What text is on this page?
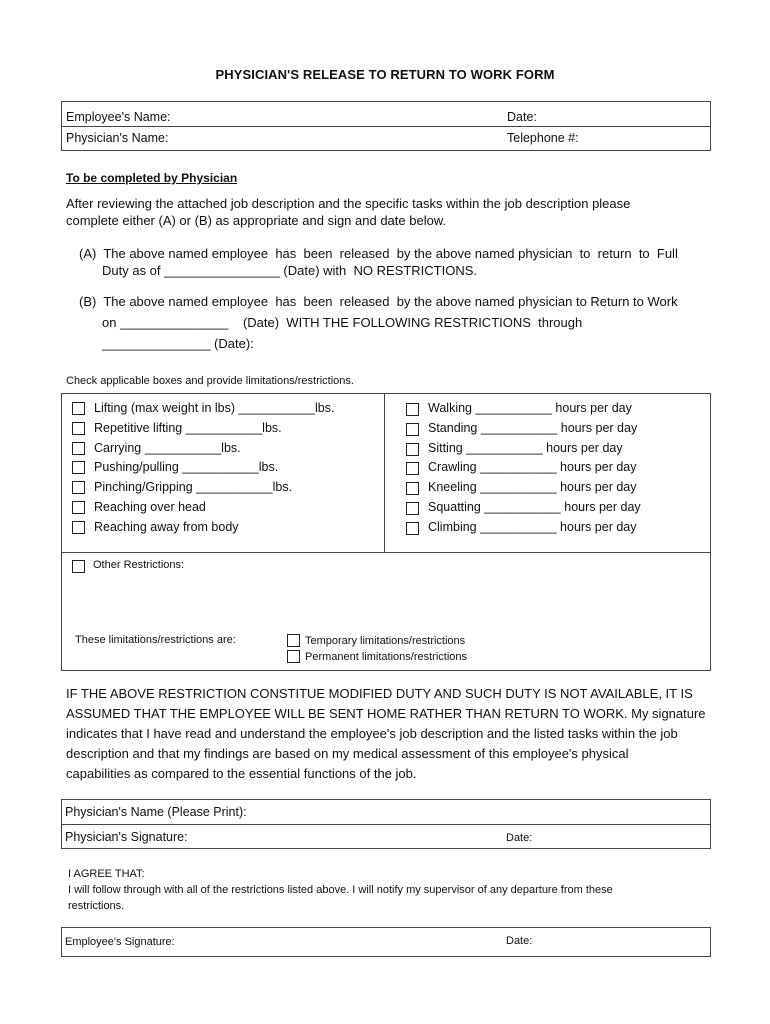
PHYSICIAN'S RELEASE TO RETURN TO WORK FORM
Employee's Name:	Date:
Physician's Name:	Telephone #:
To be completed by Physician
After reviewing the attached job description and the specific tasks within the job description please
complete either (A) or (B) as appropriate and sign and date below.
(A)  The above named employee  has  been  released  by the above named physician  to  return  to  Full
Duty as of ________________ (Date) with  NO RESTRICTIONS.
(B)  The above named employee  has  been  released  by the above named physician to Return to Work
on _______________    (Date)  WITH THE FOLLOWING RESTRICTIONS  through
_______________ (Date):
Check applicable boxes and provide limitations/restrictions.
Lifting (max weight in lbs) ___________lbs.
Repetitive lifting ___________lbs.
Carrying ___________lbs.
Pushing/pulling ___________lbs.
Pinching/Gripping ___________lbs.
Reaching over head
Reaching away from body
Walking ___________ hours per day
Standing ___________ hours per day
Sitting ___________ hours per day
Crawling ___________ hours per day
Kneeling ___________ hours per day
Squatting ___________ hours per day
Climbing ___________ hours per day
Other Restrictions:
These limitations/restrictions are:	Temporary limitations/restrictions
Permanent limitations/restrictions
IF THE ABOVE RESTRICTION CONSTITUE MODIFIED DUTY AND SUCH DUTY IS NOT AVAILABLE, IT IS
ASSUMED THAT THE EMPLOYEE WILL BE SENT HOME RATHER THAN RETURN TO WORK. My signature
indicates that I have read and understand the employee's job description and the listed tasks within the job
description and that my findings are based on my medical assessment of this employee's physical
capabilities as compared to the essential functions of the job.
Physician's Name (Please Print):
Physician's Signature:	Date:
I AGREE THAT:
I will follow through with all of the restrictions listed above. I will notify my supervisor of any departure from these
restrictions.
Employee's Signature:	Date:
